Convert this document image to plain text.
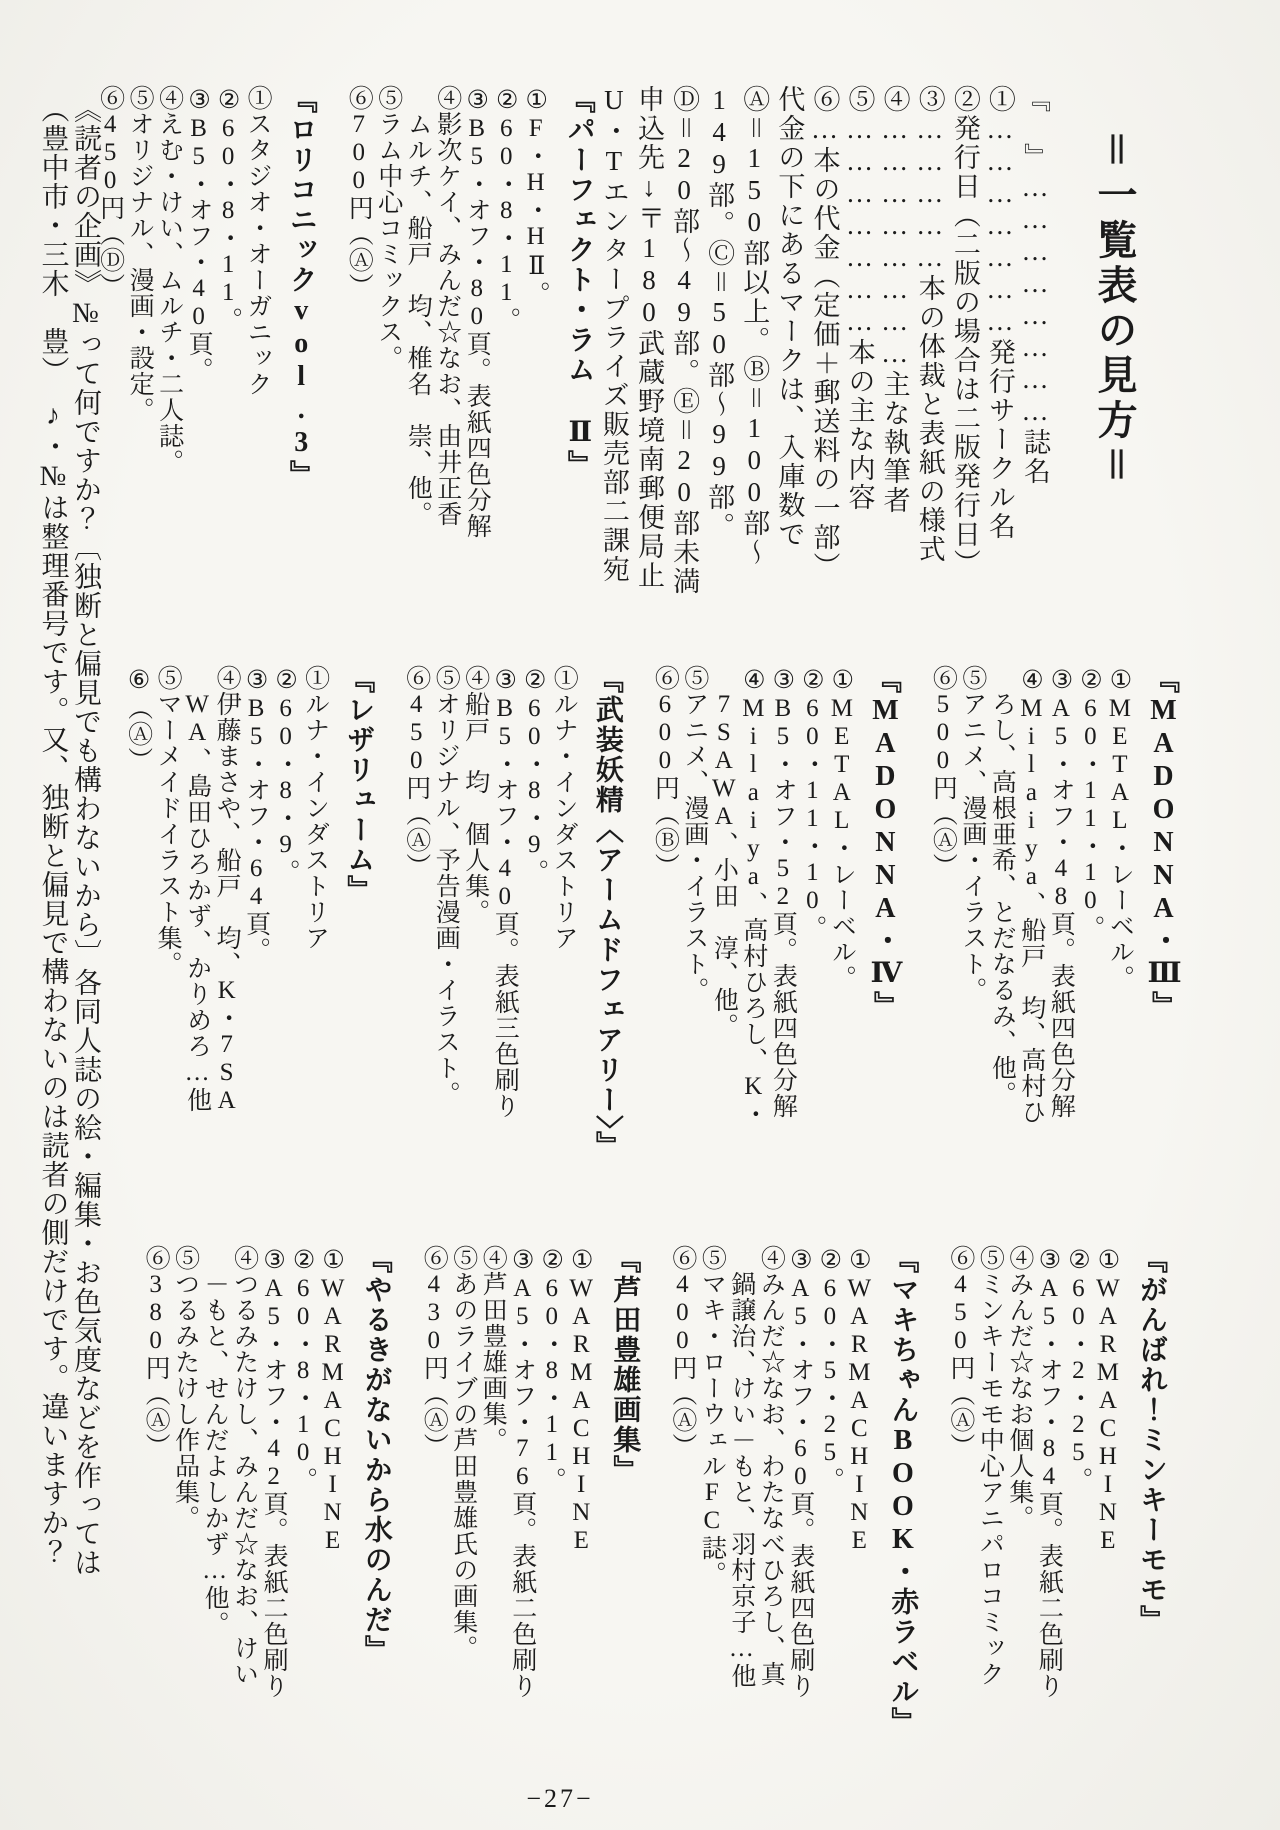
＝一覧表の見方＝
『　』……………………誌名
①…………………発行サークル名
②発行日（二版の場合は二版発行日）
③……………本の体裁と表紙の様式
④……………………主な執筆者
⑤…………………本の主な内容
⑥…本の代金（定価＋郵送料の一部）
代金の下にあるマークは、入庫数で
Ⓐ＝150部以上。Ⓑ＝100部～
149部。Ⓒ＝50部～99部。
Ⓓ＝20部～49部。Ⓔ＝20部未満
申込先↓〒180武蔵野境南郵便局止
U・Tエンタープライズ販売部二課宛
『パーフェクト・ラム　Ⅱ』
①F・H・HⅡ。
②60・8・11。
③B5・オフ・80頁。表紙四色分解
④影次ケイ、みんだ☆なお、由井正香
　ムルチ、船戸　均、椎名　崇、他。
⑤ラム中心コミックス。
⑥700円（Ⓐ）
『ロリコニックvol.3』
①スタジオ・オーガニック
②60・8・11。
③B5・オフ・40頁。
④えむ・けい、ムルチ・二人誌。
⑤オリジナル、漫画・設定。
⑥450円（Ⓓ）
『MADONNA・Ⅲ』
①METAL・レーベル。
②60・11・10。
③A5・オフ・48頁。表紙四色分解
④Milaiya、船戸　均、高村ひ
　ろし、高根亜希、とだなるみ、他。
⑤アニメ、漫画・イラスト。
⑥500円（Ⓐ）
『MADONNA・Ⅳ』
①METAL・レーベル。
②60・11・10。
③B5・オフ・52頁。表紙四色分解
④Milaiya、高村ひろし、K・
　7SAWA、小田　淳、他。
⑤アニメ、漫画・イラスト。
⑥600円（Ⓑ）
『武装妖精〈アームドフェアリー〉』
①ルナ・インダストリア
②60・8・9。
③B5・オフ・40頁。表紙三色刷り
④船戸　均　個人集。
⑤オリジナル、予告漫画・イラスト。
⑥450円（Ⓐ）
『レザリューム』
①ルナ・インダストリア
②60・8・9。
③B5・オフ・64頁。
④伊藤まさや、船戸　均、K・7SA
　WA、島田ひろかず、かりめろ…他
⑤マーメイドイラスト集。
⑥（Ⓐ）
『がんばれ！ミンキーモモ』
①WARMACHINE
②60・2・25。
③A5・オフ・84頁。表紙二色刷り
④みんだ☆なお個人集。
⑤ミンキーモモ中心アニパロコミック
⑥450円（Ⓐ）
『マキちゃんBOOK・赤ラベル』
①WARMACHINE
②60・5・25。
③A5・オフ・60頁。表紙四色刷り
④みんだ☆なお、わたなべひろし、真
　鍋譲治、けい－もと、羽村京子…他
⑤マキ・ローウェルFC誌。
⑥400円（Ⓐ）
『芦田豊雄画集』
①WARMACHINE
②60・8・11。
③A5・オフ・76頁。表紙二色刷り
④芦田豊雄画集。
⑤あのライブの芦田豊雄氏の画集。
⑥430円（Ⓐ）
『やるきがないから水のんだ』
①WARMACHINE
②60・8・10。
③A5・オフ・42頁。表紙二色刷り
④つるみたけし、みんだ☆なお、けい
　－もと、せんだよしかず…他。
⑤つるみたけし作品集。
⑥380円（Ⓐ）

《読者の企画》№って何ですか？〔独断と偏見でも構わないから〕各同人誌の絵・編集・お色気度などを作っては

（豊中市・三木　豊）　♪・№は整理番号です。又、独断と偏見で構わないのは読者の側だけです。違いますか？

−27−
